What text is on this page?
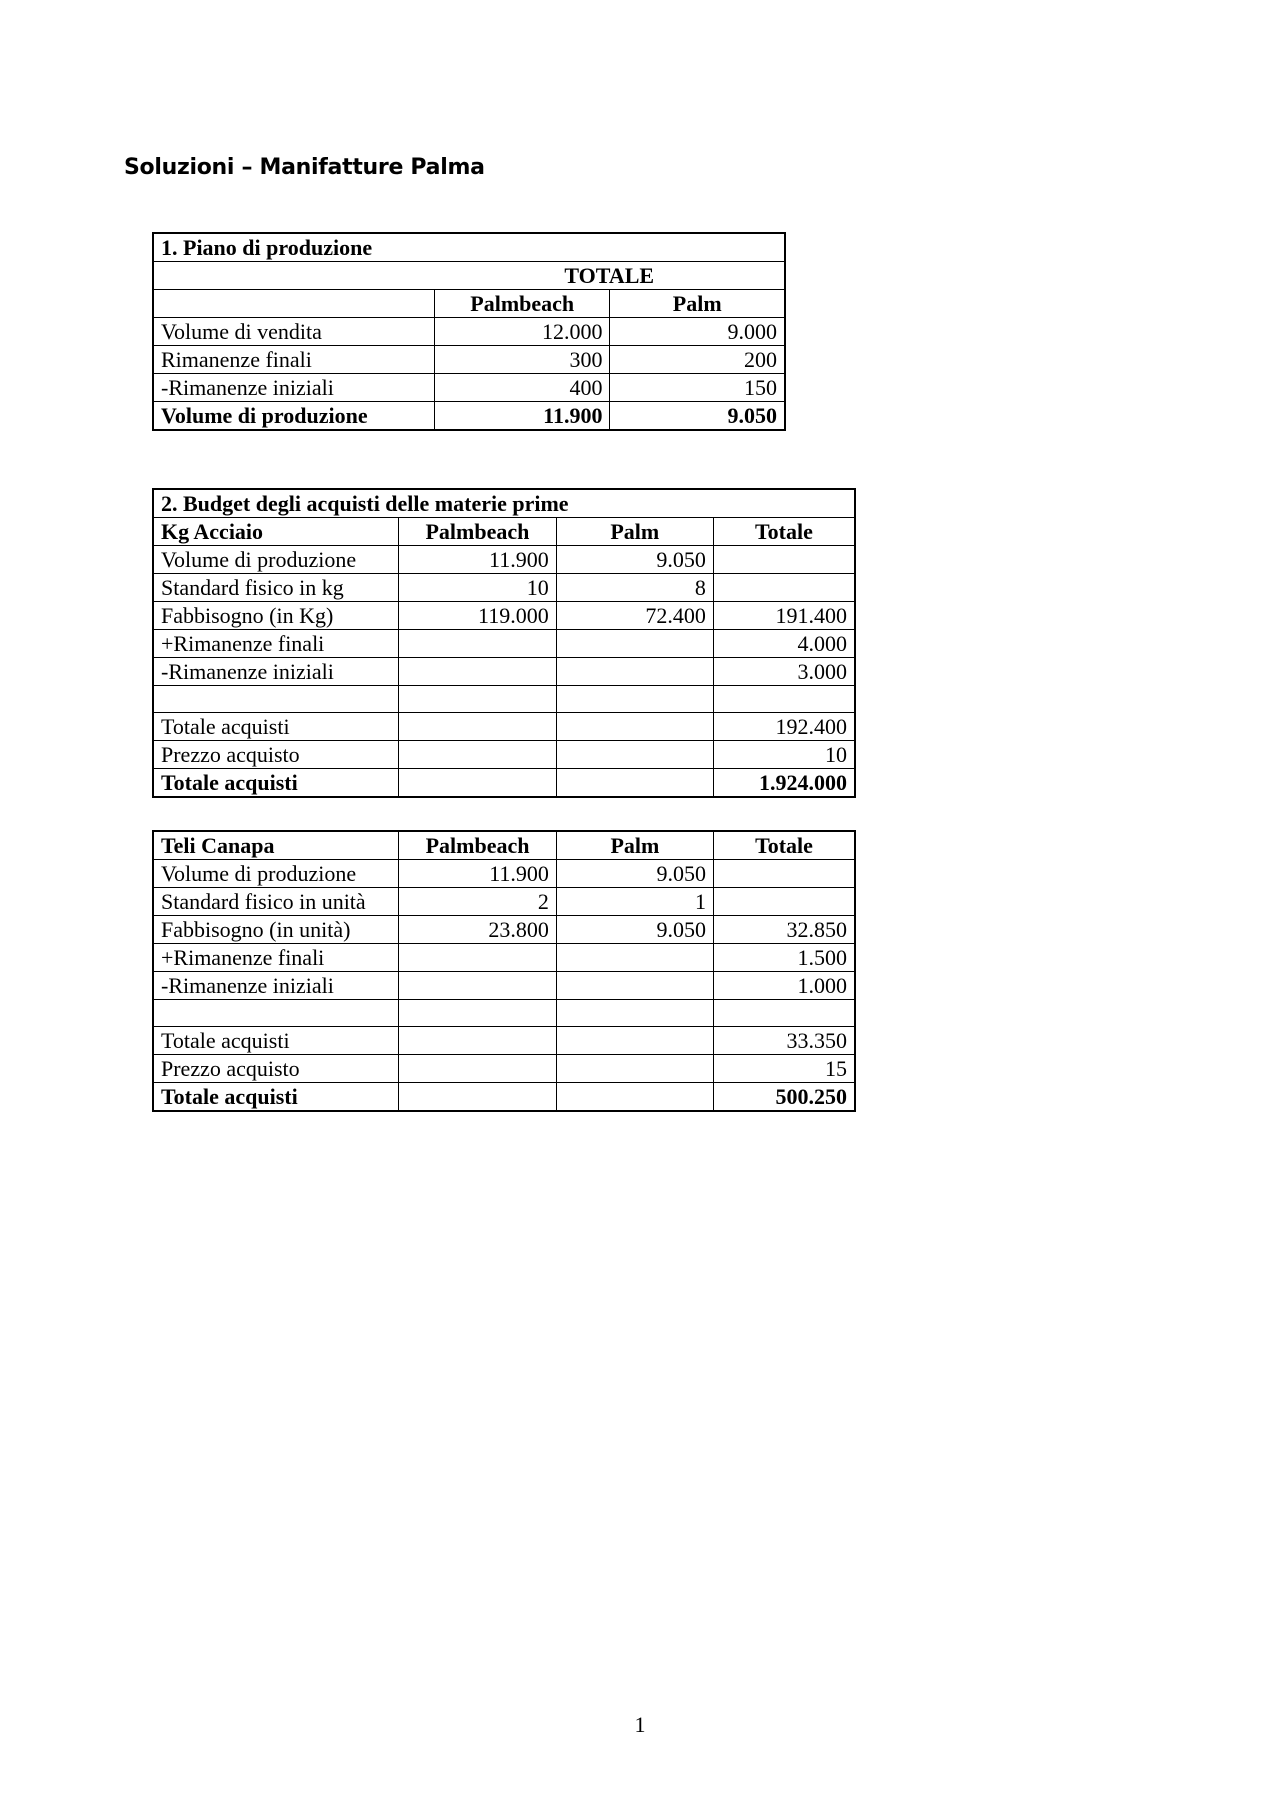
Soluzioni – Manifatture Palma
1. Piano di produzione		
	TOTALE	
	Palmbeach	Palm
Volume di vendita	12.000	9.000
Rimanenze finali	300	200
-Rimanenze iniziali	400	150
Volume di produzione	11.900	9.050
2. Budget degli acquisti delle materie prime			
Kg Acciaio	Palmbeach	Palm	Totale
Volume di produzione	11.900	9.050	
Standard fisico in kg	10	8	
Fabbisogno (in Kg)	119.000	72.400	191.400
+Rimanenze finali			4.000
-Rimanenze iniziali			3.000

Totale acquisti			192.400
Prezzo acquisto			10
Totale acquisti			1.924.000
Teli Canapa	Palmbeach	Palm	Totale
Volume di produzione	11.900	9.050	
Standard fisico in unità	2	1	
Fabbisogno (in unità)	23.800	9.050	32.850
+Rimanenze finali			1.500
-Rimanenze iniziali			1.000

Totale acquisti			33.350
Prezzo acquisto			15
Totale acquisti			500.250
1
